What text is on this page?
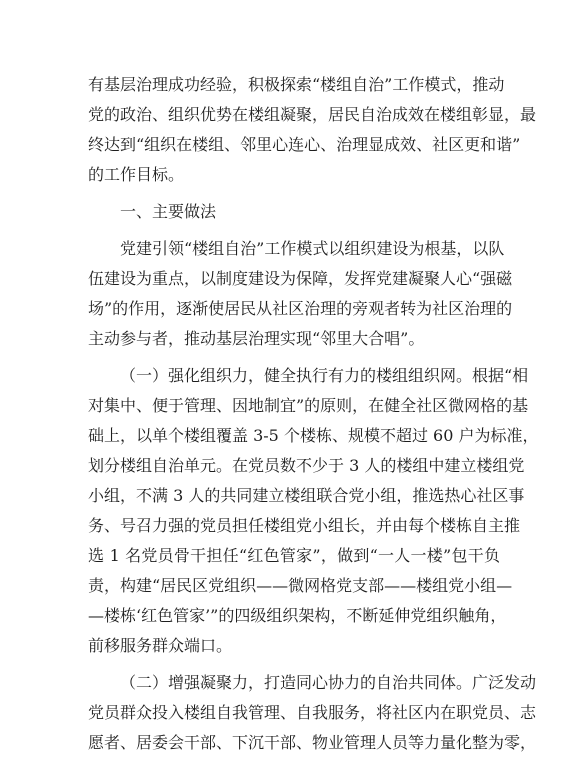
有基层治理成功经验，积极探索“楼组自治”工作模式，推动
党的政治、组织优势在楼组凝聚，居民自治成效在楼组彰显，最
终达到“组织在楼组、邻里心连心、治理显成效、社区更和谐”
的工作目标。
一、主要做法
党建引领“楼组自治”工作模式以组织建设为根基，以队
伍建设为重点，以制度建设为保障，发挥党建凝聚人心“强磁
场”的作用，逐渐使居民从社区治理的旁观者转为社区治理的
主动参与者，推动基层治理实现“邻里大合唱”。
（一）强化组织力，健全执行有力的楼组组织网。根据“相
对集中、便于管理、因地制宜”的原则，在健全社区微网格的基
础上，以单个楼组覆盖 3-5 个楼栋、规模不超过 60 户为标准，
划分楼组自治单元。在党员数不少于 3 人的楼组中建立楼组党
小组，不满 3 人的共同建立楼组联合党小组，推选热心社区事
务、号召力强的党员担任楼组党小组长，并由每个楼栋自主推
选 1 名党员骨干担任“红色管家”，做到“一人一楼”包干负
责，构建“居民区党组织——微网格党支部——楼组党小组—
—楼栋‘红色管家’”的四级组织架构，不断延伸党组织触角，
前移服务群众端口。
（二）增强凝聚力，打造同心协力的自治共同体。广泛发动
党员群众投入楼组自我管理、自我服务，将社区内在职党员、志
愿者、居委会干部、下沉干部、物业管理人员等力量化整为零，
